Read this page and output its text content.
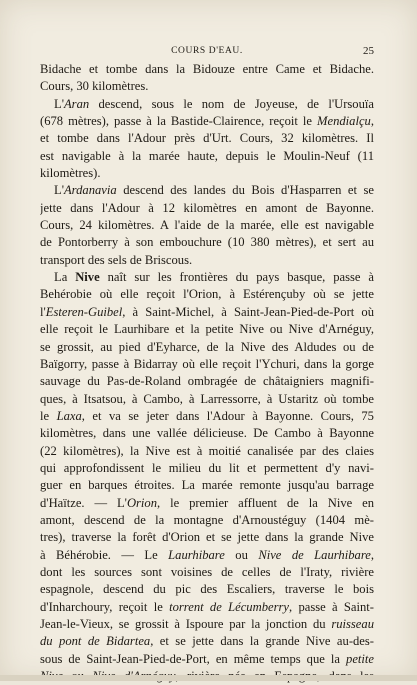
COURS D'EAU.	25
Bidache et tombe dans la Bidouze entre Came et Bidache.
Cours, 30 kilomètres.
L'Aran descend, sous le nom de Joyeuse, de l'Ursouïa
(678 mètres), passe à la Bastide-Clairence, reçoit le Mendialçu,
et tombe dans l'Adour près d'Urt. Cours, 32 kilomètres. Il
est navigable à la marée haute, depuis le Moulin-Neuf (11
kilomètres).
L'Ardanavia descend des landes du Bois d'Hasparren et se
jette dans l'Adour à 12 kilomètres en amont de Bayonne.
Cours, 24 kilomètres. A l'aide de la marée, elle est navigable
de Pontorberry à son embouchure (10 380 mètres), et sert au
transport des sels de Briscous.
La Nive naît sur les frontières du pays basque, passe à
Behérobie où elle reçoit l'Orion, à Estérençuby où se jette
l'Esteren-Guibel, à Saint-Michel, à Saint-Jean-Pied-de-Port où
elle reçoit le Laurhibare et la petite Nive ou Nive d'Arnéguy,
se grossit, au pied d'Eyharce, de la Nive des Aldudes ou de
Baïgorry, passe à Bidarray où elle reçoit l'Ychuri, dans la gorge
sauvage du Pas-de-Roland ombragée de châtaigniers magnifi-
ques, à Itsatsou, à Cambo, à Larressorre, à Ustaritz où tombe
le Laxa, et va se jeter dans l'Adour à Bayonne. Cours, 75
kilomètres, dans une vallée délicieuse. De Cambo à Bayonne
(22 kilomètres), la Nive est à moitié canalisée par des claies
qui approfondissent le milieu du lit et permettent d'y navi-
guer en barques étroites. La marée remonte jusqu'au barrage
d'Haïtze. — L'Orion, le premier affluent de la Nive en
amont, descend de la montagne d'Arnoustéguy (1404 mè-
tres), traverse la forêt d'Orion et se jette dans la grande Nive
à Béhérobie. — Le Laurhibare ou Nive de Laurhibare,
dont les sources sont voisines de celles de l'Iraty, rivière
espagnole, descend du pic des Escaliers, traverse le bois
d'Inharchoury, reçoit le torrent de Lécumberry, passe à Saint-
Jean-le-Vieux, se grossit à Ispoure par la jonction du ruisseau
du pont de Bidartea, et se jette dans la grande Nive au-des-
sous de Saint-Jean-Pied-de-Port, en même temps que la petite
